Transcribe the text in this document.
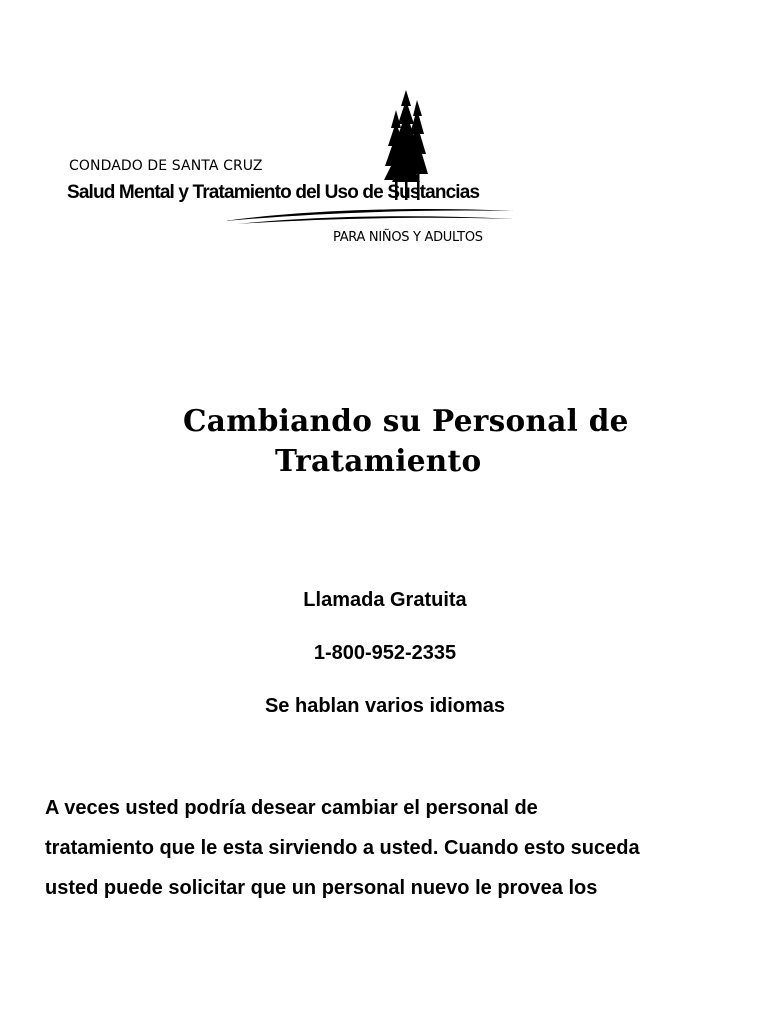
CONDADO DE SANTA CRUZ
Salud Mental y Tratamiento del Uso de Sustancias
PARA NIÑOS Y ADULTOS
Cambiando su Personal de
Tratamiento
Llamada Gratuita
1-800-952-2335
Se hablan varios idiomas
A veces usted podría desear cambiar el personal de
tratamiento que le esta sirviendo a usted. Cuando esto suceda
usted puede solicitar que un personal nuevo le provea los
